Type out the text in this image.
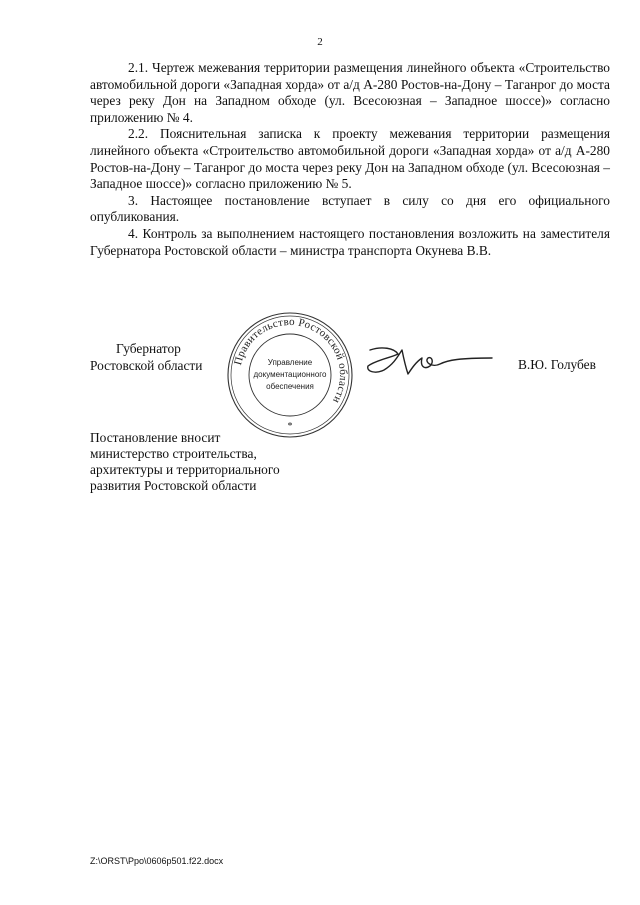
2

2.1. Чертеж межевания территории размещения линейного объекта «Строительство автомобильной дороги «Западная хорда» от а/д А-280 Ростов-на-Дону – Таганрог до моста через реку Дон на Западном обходе (ул. Всесоюзная – Западное шоссе)» согласно приложению № 4.

2.2. Пояснительная записка к проекту межевания территории размещения линейного объекта «Строительство автомобильной дороги «Западная хорда» от а/д А-280 Ростов-на-Дону – Таганрог до моста через реку Дон на Западном обходе (ул. Всесоюзная – Западное шоссе)» согласно приложению № 5.

3. Настоящее постановление вступает в силу со дня его официального опубликования.

4. Контроль за выполнением настоящего постановления возложить на заместителя Губернатора Ростовской области – министра транспорта Окунева В.В.

Губернатор
Ростовской области	Правительство Ростовской области
Управление
документационного
обеспечения
*
В.Ю. Голубев
Постановление вносит
министерство строительства,
архитектуры и территориального
развития Ростовской области
Z:\ORST\Ppo\0606p501.f22.docx
